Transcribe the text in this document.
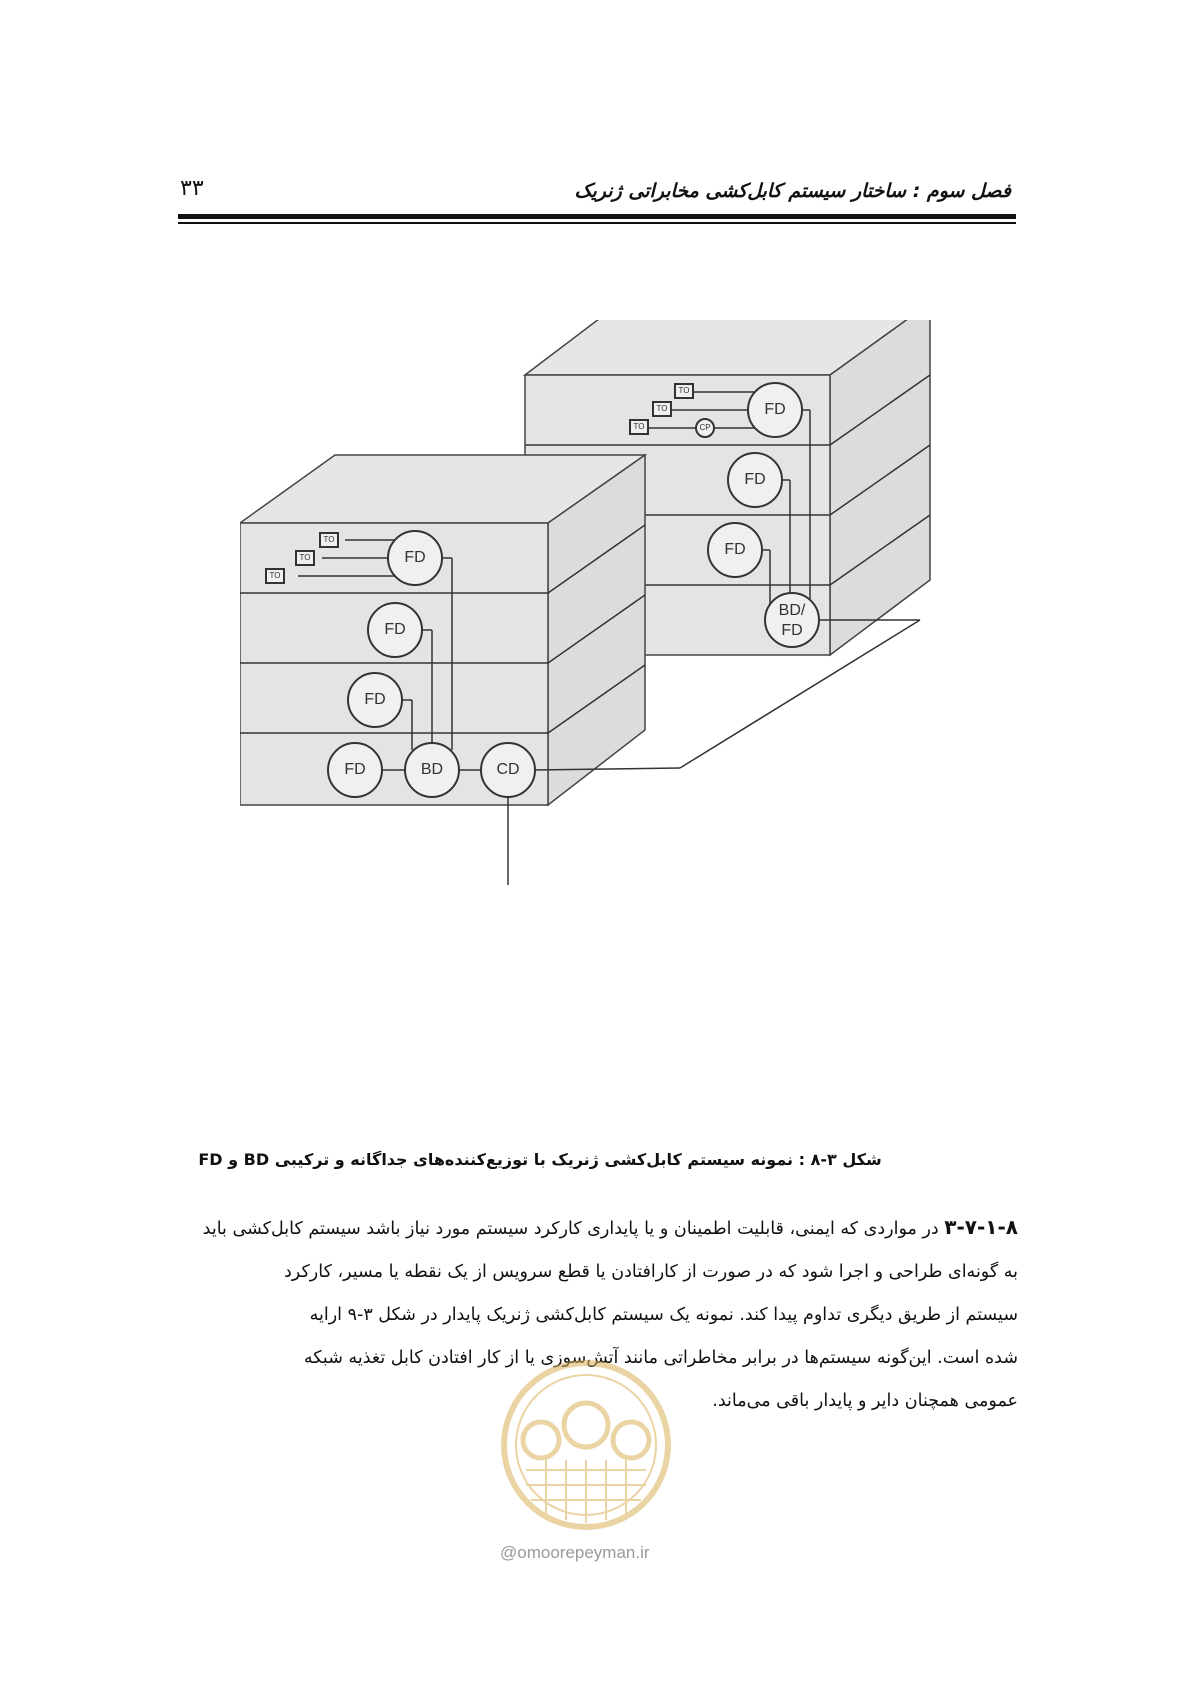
فصل سوم : ساختار سیستم کابل‌کشی مخابراتی ژنریک
۳۳
TO
TO
TO	CP
FD
FD
FD
BD/
FD
TO
TO
TO
FD
FD
FD
FD	BD	CD
شکل ۳-۸ : نمونه سیستم کابل‌کشی ژنریک با توزیع‌کننده‌های جداگانه و ترکیبی BD و FD
۳-۷-۱-۸ در مواردی که ایمنی، قابلیت اطمینان و یا پایداری کارکرد سیستم مورد نیاز باشد سیستم کابل‌کشی باید
به گونه‌ای طراحی و اجرا شود که در صورت از کارافتادن یا قطع سرویس از یک نقطه یا مسیر، کارکرد
سیستم از طریق دیگری تداوم پیدا کند. نمونه یک سیستم کابل‌کشی ژنریک پایدار در شکل ۳-۹ ارایه
شده است. این‌گونه سیستم‌ها در برابر مخاطراتی مانند آتش‌سوزی یا از کار افتادن کابل تغذیه شبکه
عمومی همچنان دایر و پایدار باقی می‌ماند.
@omoorepeyman.ir
